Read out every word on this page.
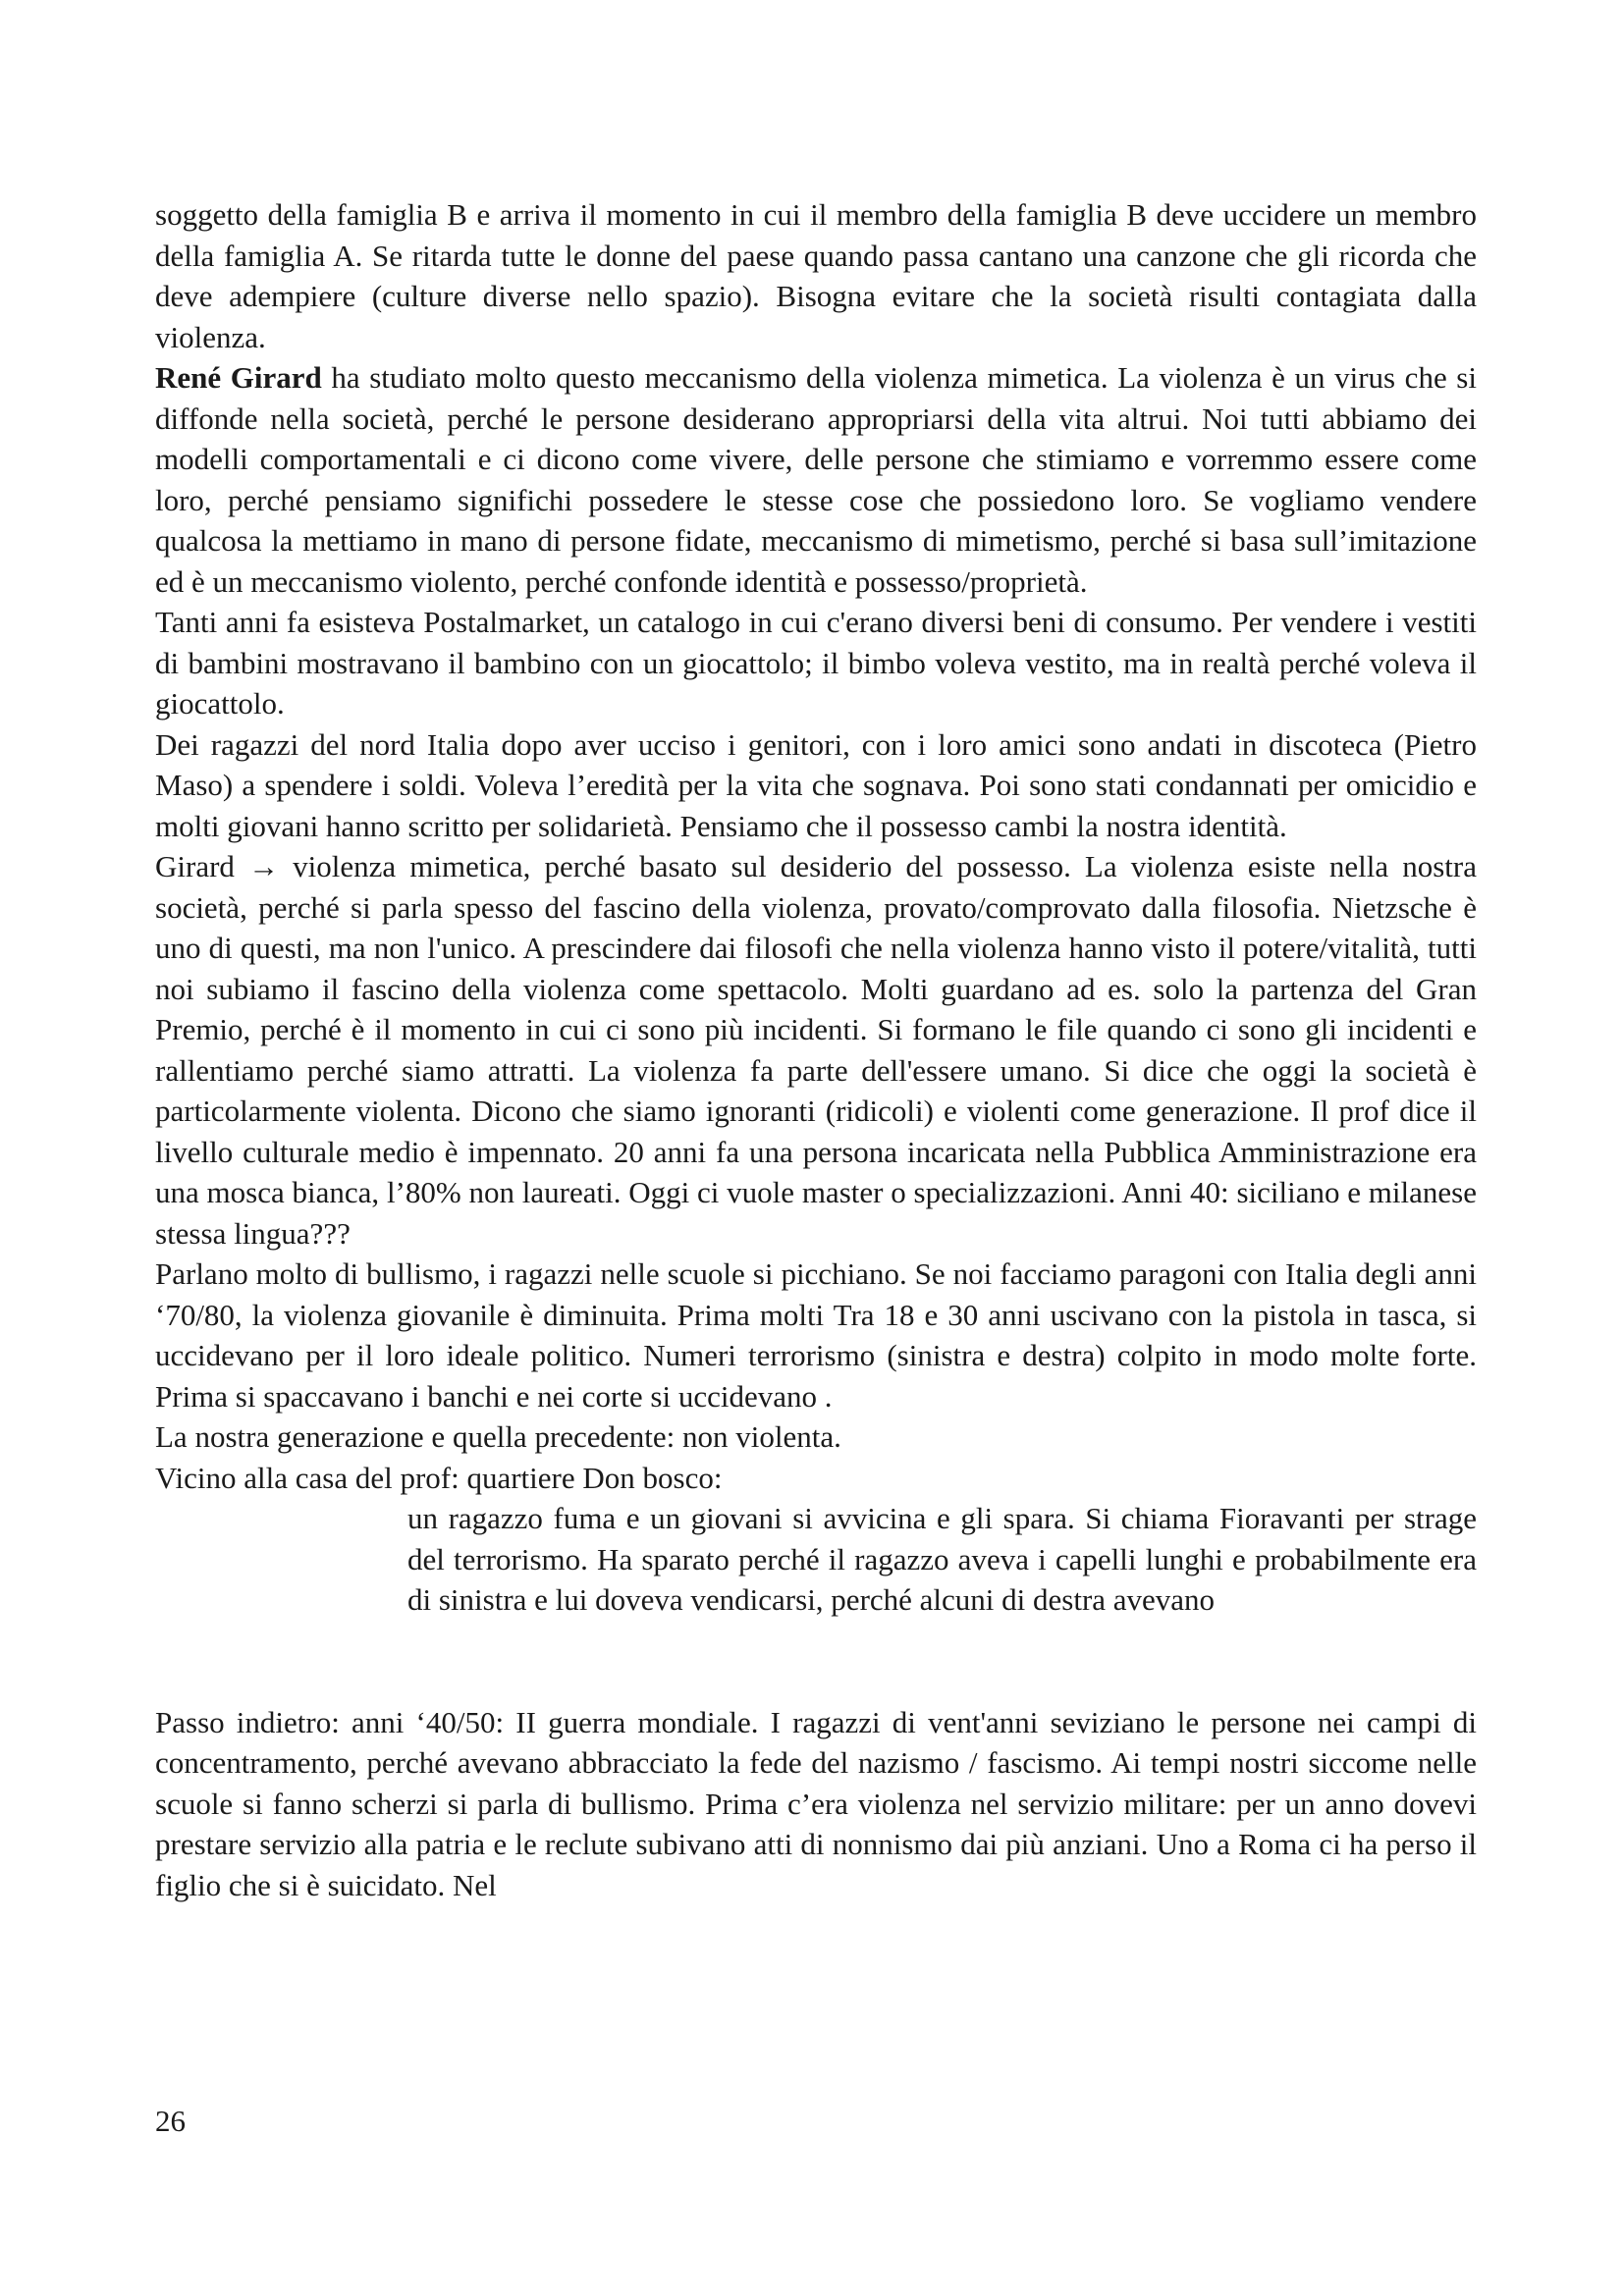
soggetto della famiglia B e arriva il momento in cui il membro della famiglia B deve uccidere un membro della famiglia A. Se ritarda tutte le donne del paese quando passa cantano una canzone che gli ricorda che deve adempiere (culture diverse nello spazio). Bisogna evitare che la società risulti contagiata dalla violenza.

René Girard ha studiato molto questo meccanismo della violenza mimetica. La violenza è un virus che si diffonde nella società, perché le persone desiderano appropriarsi della vita altrui. Noi tutti abbiamo dei modelli comportamentali e ci dicono come vivere, delle persone che stimiamo e vorremmo essere come loro, perché pensiamo significhi possedere le stesse cose che possiedono loro. Se vogliamo vendere qualcosa la mettiamo in mano di persone fidate, meccanismo di mimetismo, perché si basa sull’imitazione ed è un meccanismo violento, perché confonde identità e possesso/proprietà.

Tanti anni fa esisteva Postalmarket, un catalogo in cui c'erano diversi beni di consumo. Per vendere i vestiti di bambini mostravano il bambino con un giocattolo; il bimbo voleva vestito, ma in realtà perché voleva il giocattolo.

Dei ragazzi del nord Italia dopo aver ucciso i genitori, con i loro amici sono andati in discoteca (Pietro Maso) a spendere i soldi. Voleva l’eredità per la vita che sognava. Poi sono stati condannati per omicidio e molti giovani hanno scritto per solidarietà. Pensiamo che il possesso cambi la nostra identità.

Girard → violenza mimetica, perché basato sul desiderio del possesso. La violenza esiste nella nostra società, perché si parla spesso del fascino della violenza, provato/comprovato dalla filosofia. Nietzsche è uno di questi, ma non l'unico. A prescindere dai filosofi che nella violenza hanno visto il potere/vitalità, tutti noi subiamo il fascino della violenza come spettacolo. Molti guardano ad es. solo la partenza del Gran Premio, perché è il momento in cui ci sono più incidenti. Si formano le file quando ci sono gli incidenti e rallentiamo perché siamo attratti. La violenza fa parte dell'essere umano. Si dice che oggi la società è particolarmente violenta. Dicono che siamo ignoranti (ridicoli) e violenti come generazione. Il prof dice il livello culturale medio è impennato. 20 anni fa una persona incaricata nella Pubblica Amministrazione era una mosca bianca, l’80% non laureati. Oggi ci vuole master o specializzazioni. Anni 40: siciliano e milanese stessa lingua???

Parlano molto di bullismo, i ragazzi nelle scuole si picchiano. Se noi facciamo paragoni con Italia degli anni ‘70/80, la violenza giovanile è diminuita. Prima molti Tra 18 e 30 anni uscivano con la pistola in tasca, si uccidevano per il loro ideale politico. Numeri terrorismo (sinistra e destra) colpito in modo molte forte. Prima si spaccavano i banchi e nei corte si uccidevano .

La nostra generazione e quella precedente: non violenta.

Vicino alla casa del prof: quartiere Don bosco:

un ragazzo fuma e un giovani si avvicina e gli spara. Si chiama Fioravanti per strage del terrorismo. Ha sparato perché il ragazzo aveva i capelli lunghi e probabilmente era di sinistra e lui doveva vendicarsi, perché alcuni di destra avevano

Passo indietro: anni ‘40/50: II guerra mondiale. I ragazzi di vent'anni seviziano le persone nei campi di concentramento, perché avevano abbracciato la fede del nazismo / fascismo. Ai tempi nostri siccome nelle scuole si fanno scherzi si parla di bullismo. Prima c’era violenza nel servizio militare: per un anno dovevi prestare servizio alla patria e le reclute subivano atti di nonnismo dai più anziani. Uno a Roma ci ha perso il figlio che si è suicidato. Nel

26
